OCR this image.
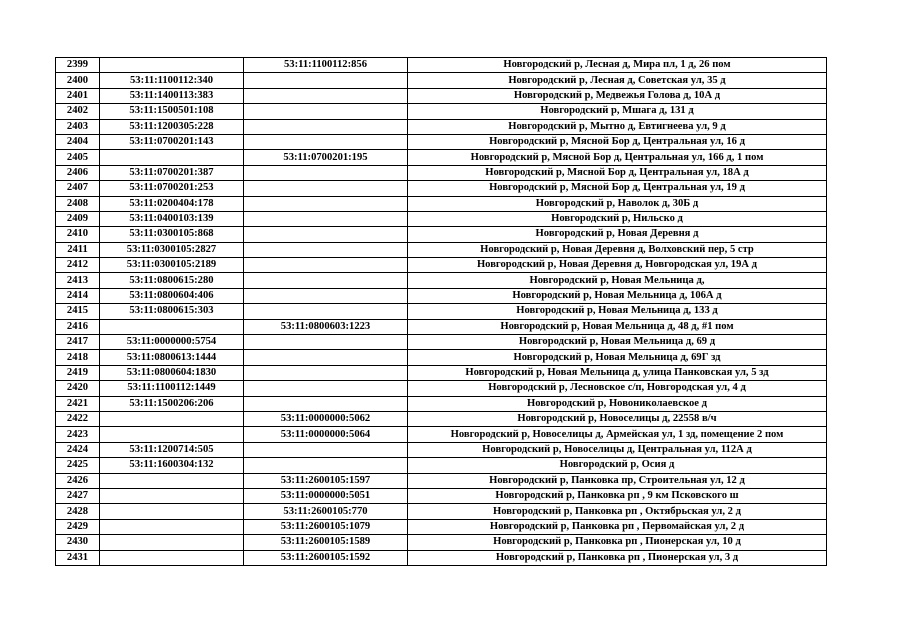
2399		53:11:1100112:856	Новгородский р, Лесная д, Мира пл, 1 д, 26 пом
2400	53:11:1100112:340		Новгородский р, Лесная д, Советская ул, 35 д
2401	53:11:1400113:383		Новгородский р, Медвежья Голова д, 10А д
2402	53:11:1500501:108		Новгородский р, Мшага д, 131 д
2403	53:11:1200305:228		Новгородский р, Мытно д, Евтигнеева ул, 9 д
2404	53:11:0700201:143		Новгородский р, Мясной Бор д, Центральная ул, 16 д
2405		53:11:0700201:195	Новгородский р, Мясной Бор д, Центральная ул, 166 д, 1 пом
2406	53:11:0700201:387		Новгородский р, Мясной Бор д, Центральная ул, 18А д
2407	53:11:0700201:253		Новгородский р, Мясной Бор д, Центральная ул, 19 д
2408	53:11:0200404:178		Новгородский р, Наволок д, 30Б д
2409	53:11:0400103:139		Новгородский р, Нильско д
2410	53:11:0300105:868		Новгородский р, Новая Деревня д
2411	53:11:0300105:2827		Новгородский р, Новая Деревня д, Волховский пер, 5 стр
2412	53:11:0300105:2189		Новгородский р, Новая Деревня д, Новгородская ул, 19А д
2413	53:11:0800615:280		Новгородский р, Новая Мельница д,
2414	53:11:0800604:406		Новгородский р, Новая Мельница д, 106А д
2415	53:11:0800615:303		Новгородский р, Новая Мельница д, 133 д
2416		53:11:0800603:1223	Новгородский р, Новая Мельница д, 48 д, #1 пом
2417	53:11:0000000:5754		Новгородский р, Новая Мельница д, 69 д
2418	53:11:0800613:1444		Новгородский р, Новая Мельница д, 69Г зд
2419	53:11:0800604:1830		Новгородский р, Новая Мельница д, улица Панковская ул, 5 зд
2420	53:11:1100112:1449		Новгородский р, Лесновское с/п, Новгородская ул, 4 д
2421	53:11:1500206:206		Новгородский р, Новониколаевское д
2422		53:11:0000000:5062	Новгородский р, Новоселицы д, 22558 в/ч
2423		53:11:0000000:5064	Новгородский р, Новоселицы д, Армейская ул, 1 зд, помещение 2 пом
2424	53:11:1200714:505		Новгородский р, Новоселицы д, Центральная ул, 112А д
2425	53:11:1600304:132		Новгородский р, Осия д
2426		53:11:2600105:1597	Новгородский р, Панковка пр, Строительная ул, 12 д
2427		53:11:0000000:5051	Новгородский р, Панковка рп , 9 км Псковского ш
2428		53:11:2600105:770	Новгородский р, Панковка рп , Октябрьская ул, 2 д
2429		53:11:2600105:1079	Новгородский р, Панковка рп , Первомайская ул, 2 д
2430		53:11:2600105:1589	Новгородский р, Панковка рп , Пионерская ул, 10 д
2431		53:11:2600105:1592	Новгородский р, Панковка рп , Пионерская ул, 3 д
